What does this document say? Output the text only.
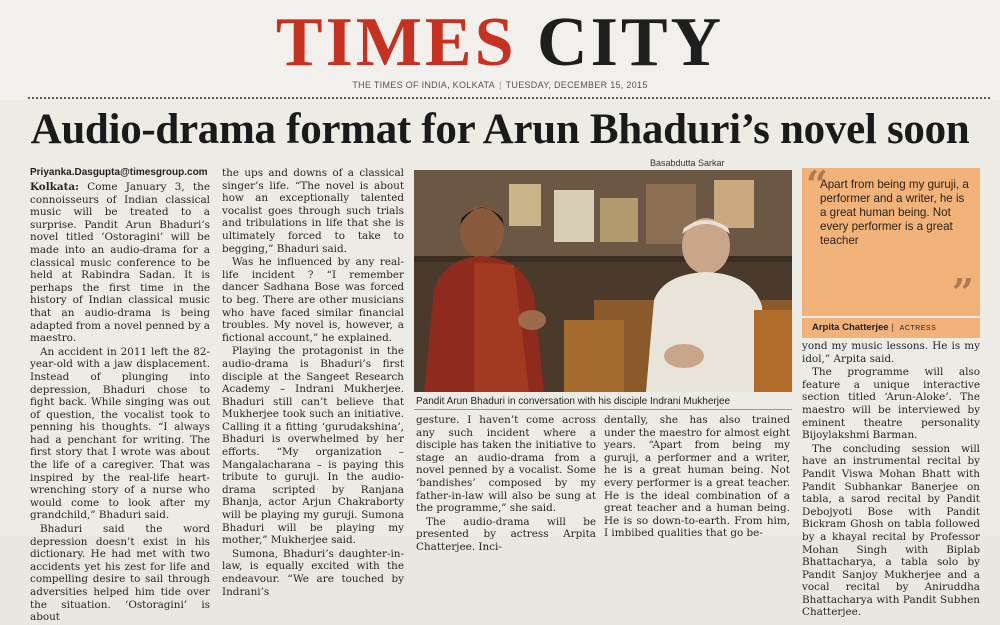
TIMES CITY
THE TIMES OF INDIA, KOLKATA | TUESDAY, DECEMBER 15, 2015
Audio-drama format for Arun Bhaduri’s novel soon
Priyanka.Dasgupta@timesgroup.com

Kolkata: Come January 3, the connoisseurs of Indian classical music will be treated to a surprise. Pandit Arun Bhaduri’s novel titled ‘Ostoragini’ will be made into an audio-drama for a classical music conference to be held at Rabindra Sadan. It is perhaps the first time in the history of Indian classical music that an audio-drama is being adapted from a novel penned by a maestro.

An accident in 2011 left the 82-year-old with a jaw displacement. Instead of plunging into depression, Bhaduri chose to fight back. While singing was out of question, the vocalist took to penning his thoughts. “I always had a penchant for writing. The first story that I wrote was about the life of a caregiver. That was inspired by the real-life heart-wrenching story of a nurse who would come to look after my grandchild,” Bhaduri said.

Bhaduri said the word depression doesn’t exist in his dictionary. He had met with two accidents yet his zest for life and compelling desire to sail through adversities helped him tide over the situation. ‘Ostoragini’ is about

the ups and downs of a classical singer’s life. “The novel is about how an exceptionally talented vocalist goes through such trials and tribulations in life that she is ultimately forced to take to begging,” Bhaduri said.

Was he influenced by any real-life incident ? “I remember dancer Sadhana Bose was forced to beg. There are other musicians who have faced similar financial troubles. My novel is, however, a fictional account,” he explained.

Playing the protagonist in the audio-drama is Bhaduri’s first disciple at the Sangeet Research Academy – Indrani Mukherjee. Bhaduri still can’t believe that Mukherjee took such an initiative. Calling it a fitting ‘gurudakshina’, Bhaduri is overwhelmed by her efforts. “My organization – Mangalacharana – is paying this tribute to guruji. In the audio-drama scripted by Ranjana Bhanja, actor Arjun Chakraborty will be playing my guruji. Sumona Bhaduri will be playing my mother,” Mukherjee said.

Sumona, Bhaduri’s daughter-in-law, is equally excited with the endeavour. “We are touched by Indrani’s

Basabdutta Sarkar
Pandit Arun Bhaduri in conversation with his disciple Indrani Mukherjee

gesture. I haven’t come across any such incident where a disciple has taken the initiative to stage an audio-drama from a novel penned by a vocalist. Some ‘bandishes’ composed by my father-in-law will also be sung at the programme,” she said.

The audio-drama will be presented by actress Arpita Chatterjee. Inci-

dentally, she has also trained under the maestro for almost eight years. “Apart from being my guruji, a performer and a writer, he is a great human being. Not every performer is a great teacher. He is the ideal combination of a great teacher and a human being. He is so down-to-earth. From him, I imbibed qualities that go be-

“
Apart from being my guruji, a performer and a writer, he is a great human being. Not every performer is a great teacher
”
Arpita Chatterjee | ACTRESS

yond my music lessons. He is my idol,” Arpita said.

The programme will also feature a unique interactive section titled ‘Arun-Aloke’. The maestro will be interviewed by eminent theatre personality Bijoylakshmi Barman.

The concluding session will have an instrumental recital by Pandit Viswa Mohan Bhatt with Pandit Subhankar Banerjee on tabla, a sarod recital by Pandit Debojyoti Bose with Pandit Bickram Ghosh on tabla followed by a khayal recital by Professor Mohan Singh with Biplab Bhattacharya, a tabla solo by Pandit Sanjoy Mukherjee and a vocal recital by Aniruddha Bhattacharya with Pandit Subhen Chatterjee.
